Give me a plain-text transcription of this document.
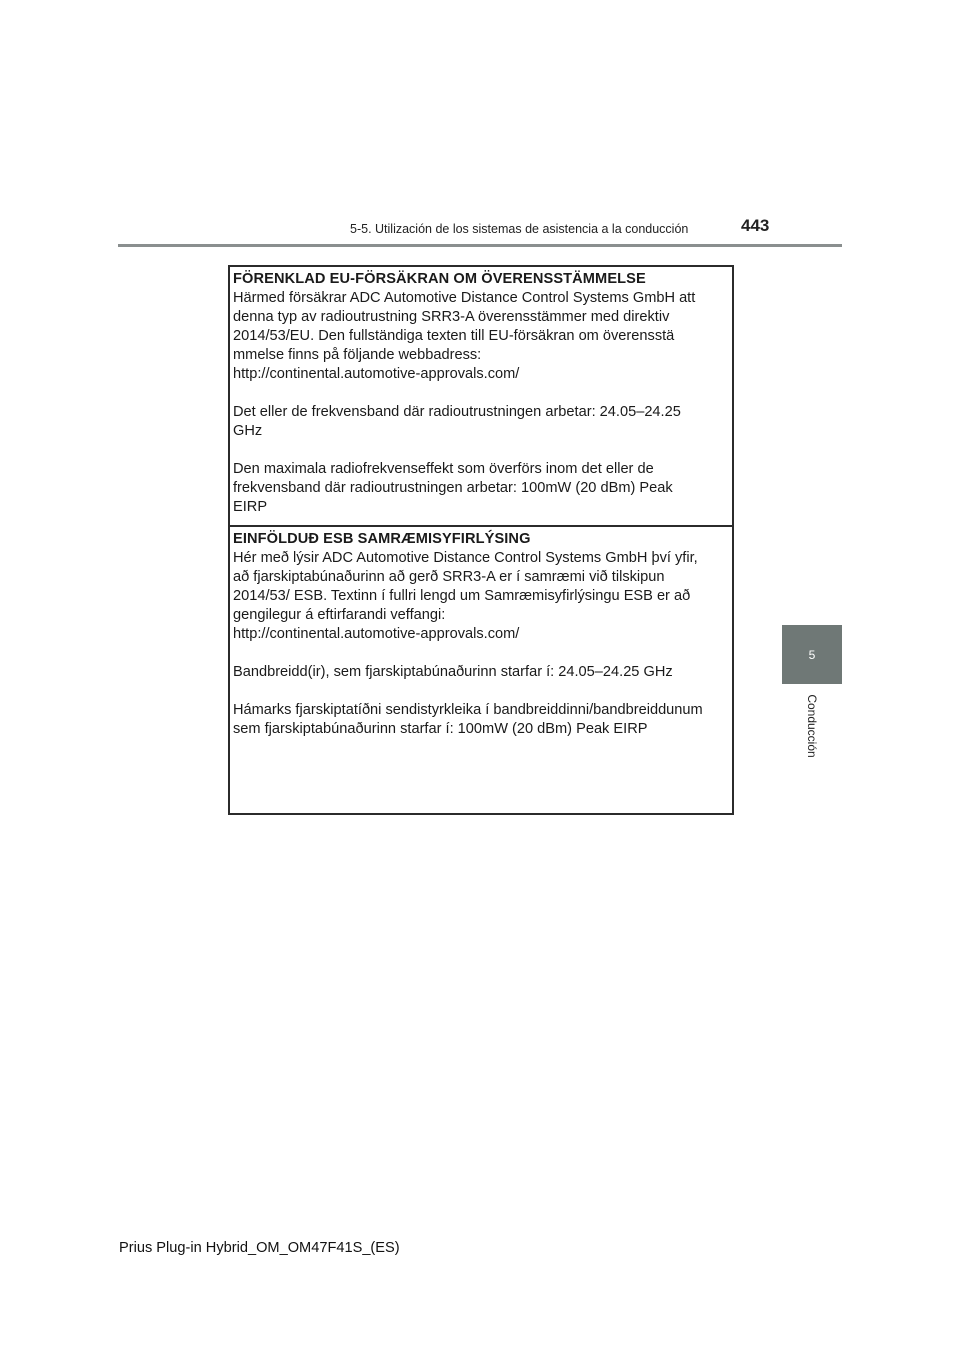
5-5. Utilización de los sistemas de asistencia a la conducción	443
5
Conducción
FÖRENKLAD EU-FÖRSÄKRAN OM ÖVERENSSTÄMMELSE
Härmed försäkrar ADC Automotive Distance Control Systems GmbH att
denna typ av radioutrustning SRR3-A överensstämmer med direktiv
2014/53/EU. Den fullständiga texten till EU-försäkran om överensstä
mmelse finns på följande webbadress:
http://continental.automotive-approvals.com/
Det eller de frekvensband där radioutrustningen arbetar: 24.05–24.25
GHz
Den maximala radiofrekvenseffekt som överförs inom det eller de
frekvensband där radioutrustningen arbetar: 100mW (20 dBm) Peak
EIRP
EINFÖLDUÐ ESB SAMRÆMISYFIRLÝSING
Hér með lýsir ADC Automotive Distance Control Systems GmbH því yfir,
að fjarskiptabúnaðurinn að gerð SRR3-A er í samræmi við tilskipun
2014/53/ ESB. Textinn í fullri lengd um Samræmisyfirlýsingu ESB er að
gengilegur á eftirfarandi veffangi:
http://continental.automotive-approvals.com/
Bandbreidd(ir), sem fjarskiptabúnaðurinn starfar í: 24.05–24.25 GHz
Hámarks fjarskiptatíðni sendistyrkleika í bandbreiddinni/bandbreiddunum
sem fjarskiptabúnaðurinn starfar í: 100mW (20 dBm) Peak EIRP
Prius Plug-in Hybrid_OM_OM47F41S_(ES)
